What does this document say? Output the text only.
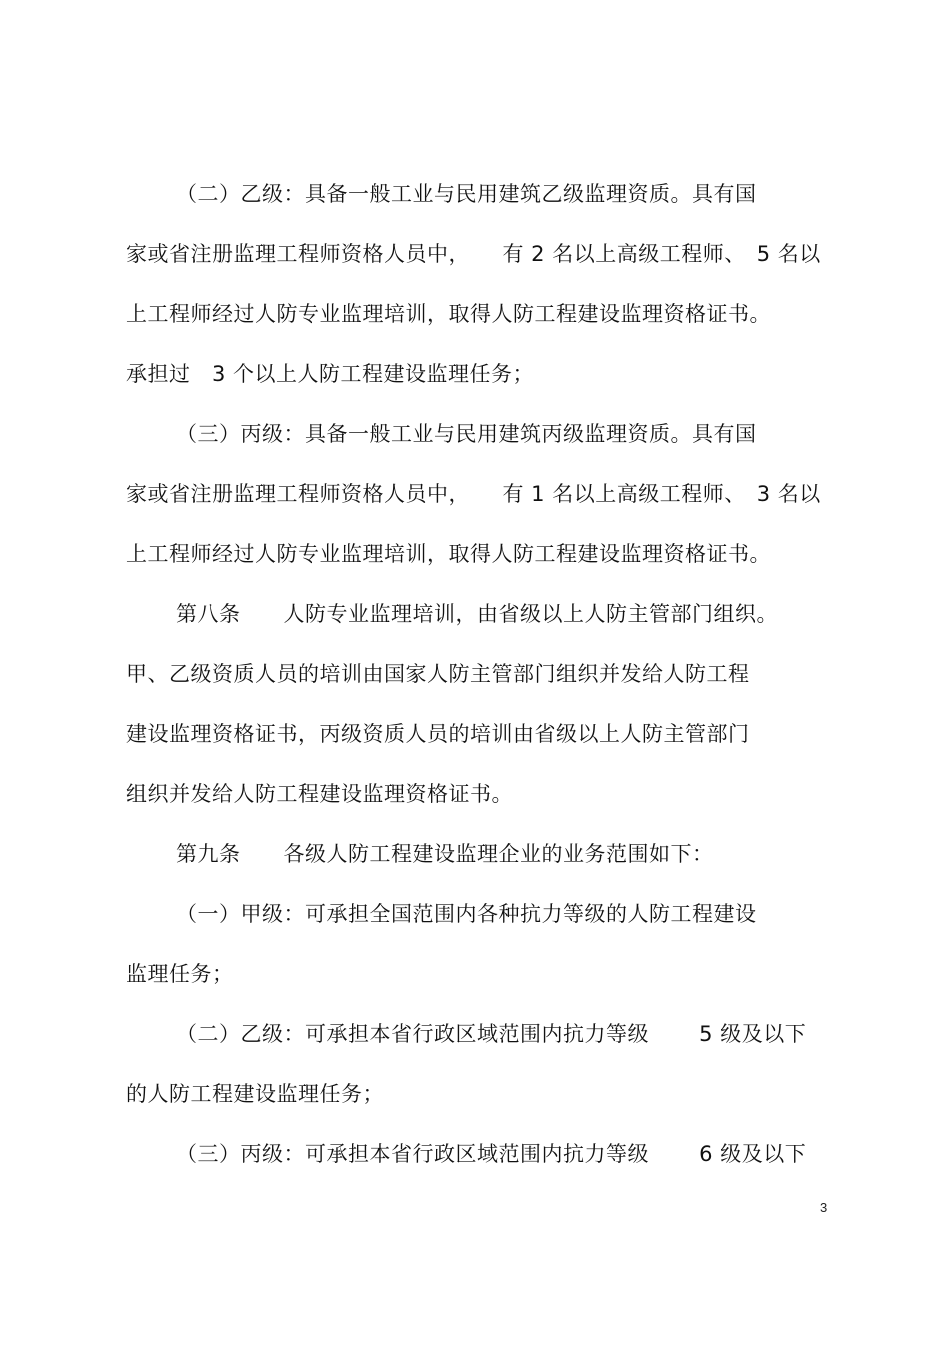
（二）乙级：具备一般工业与民用建筑乙级监理资质。具有国
家或省注册监理工程师资格人员中，　　有 2 名以上高级工程师、　5 名以
上工程师经过人防专业监理培训，取得人防工程建设监理资格证书。
承担过　3 个以上人防工程建设监理任务；
（三）丙级：具备一般工业与民用建筑丙级监理资质。具有国
家或省注册监理工程师资格人员中，　　有 1 名以上高级工程师、　3 名以
上工程师经过人防专业监理培训，取得人防工程建设监理资格证书。
第八条　　人防专业监理培训，由省级以上人防主管部门组织。
甲、乙级资质人员的培训由国家人防主管部门组织并发给人防工程
建设监理资格证书，丙级资质人员的培训由省级以上人防主管部门
组织并发给人防工程建设监理资格证书。
第九条　　各级人防工程建设监理企业的业务范围如下：
（一）甲级：可承担全国范围内各种抗力等级的人防工程建设
监理任务；
（二）乙级：可承担本省行政区域范围内抗力等级　　 5 级及以下
的人防工程建设监理任务；
（三）丙级：可承担本省行政区域范围内抗力等级　　 6 级及以下
3
